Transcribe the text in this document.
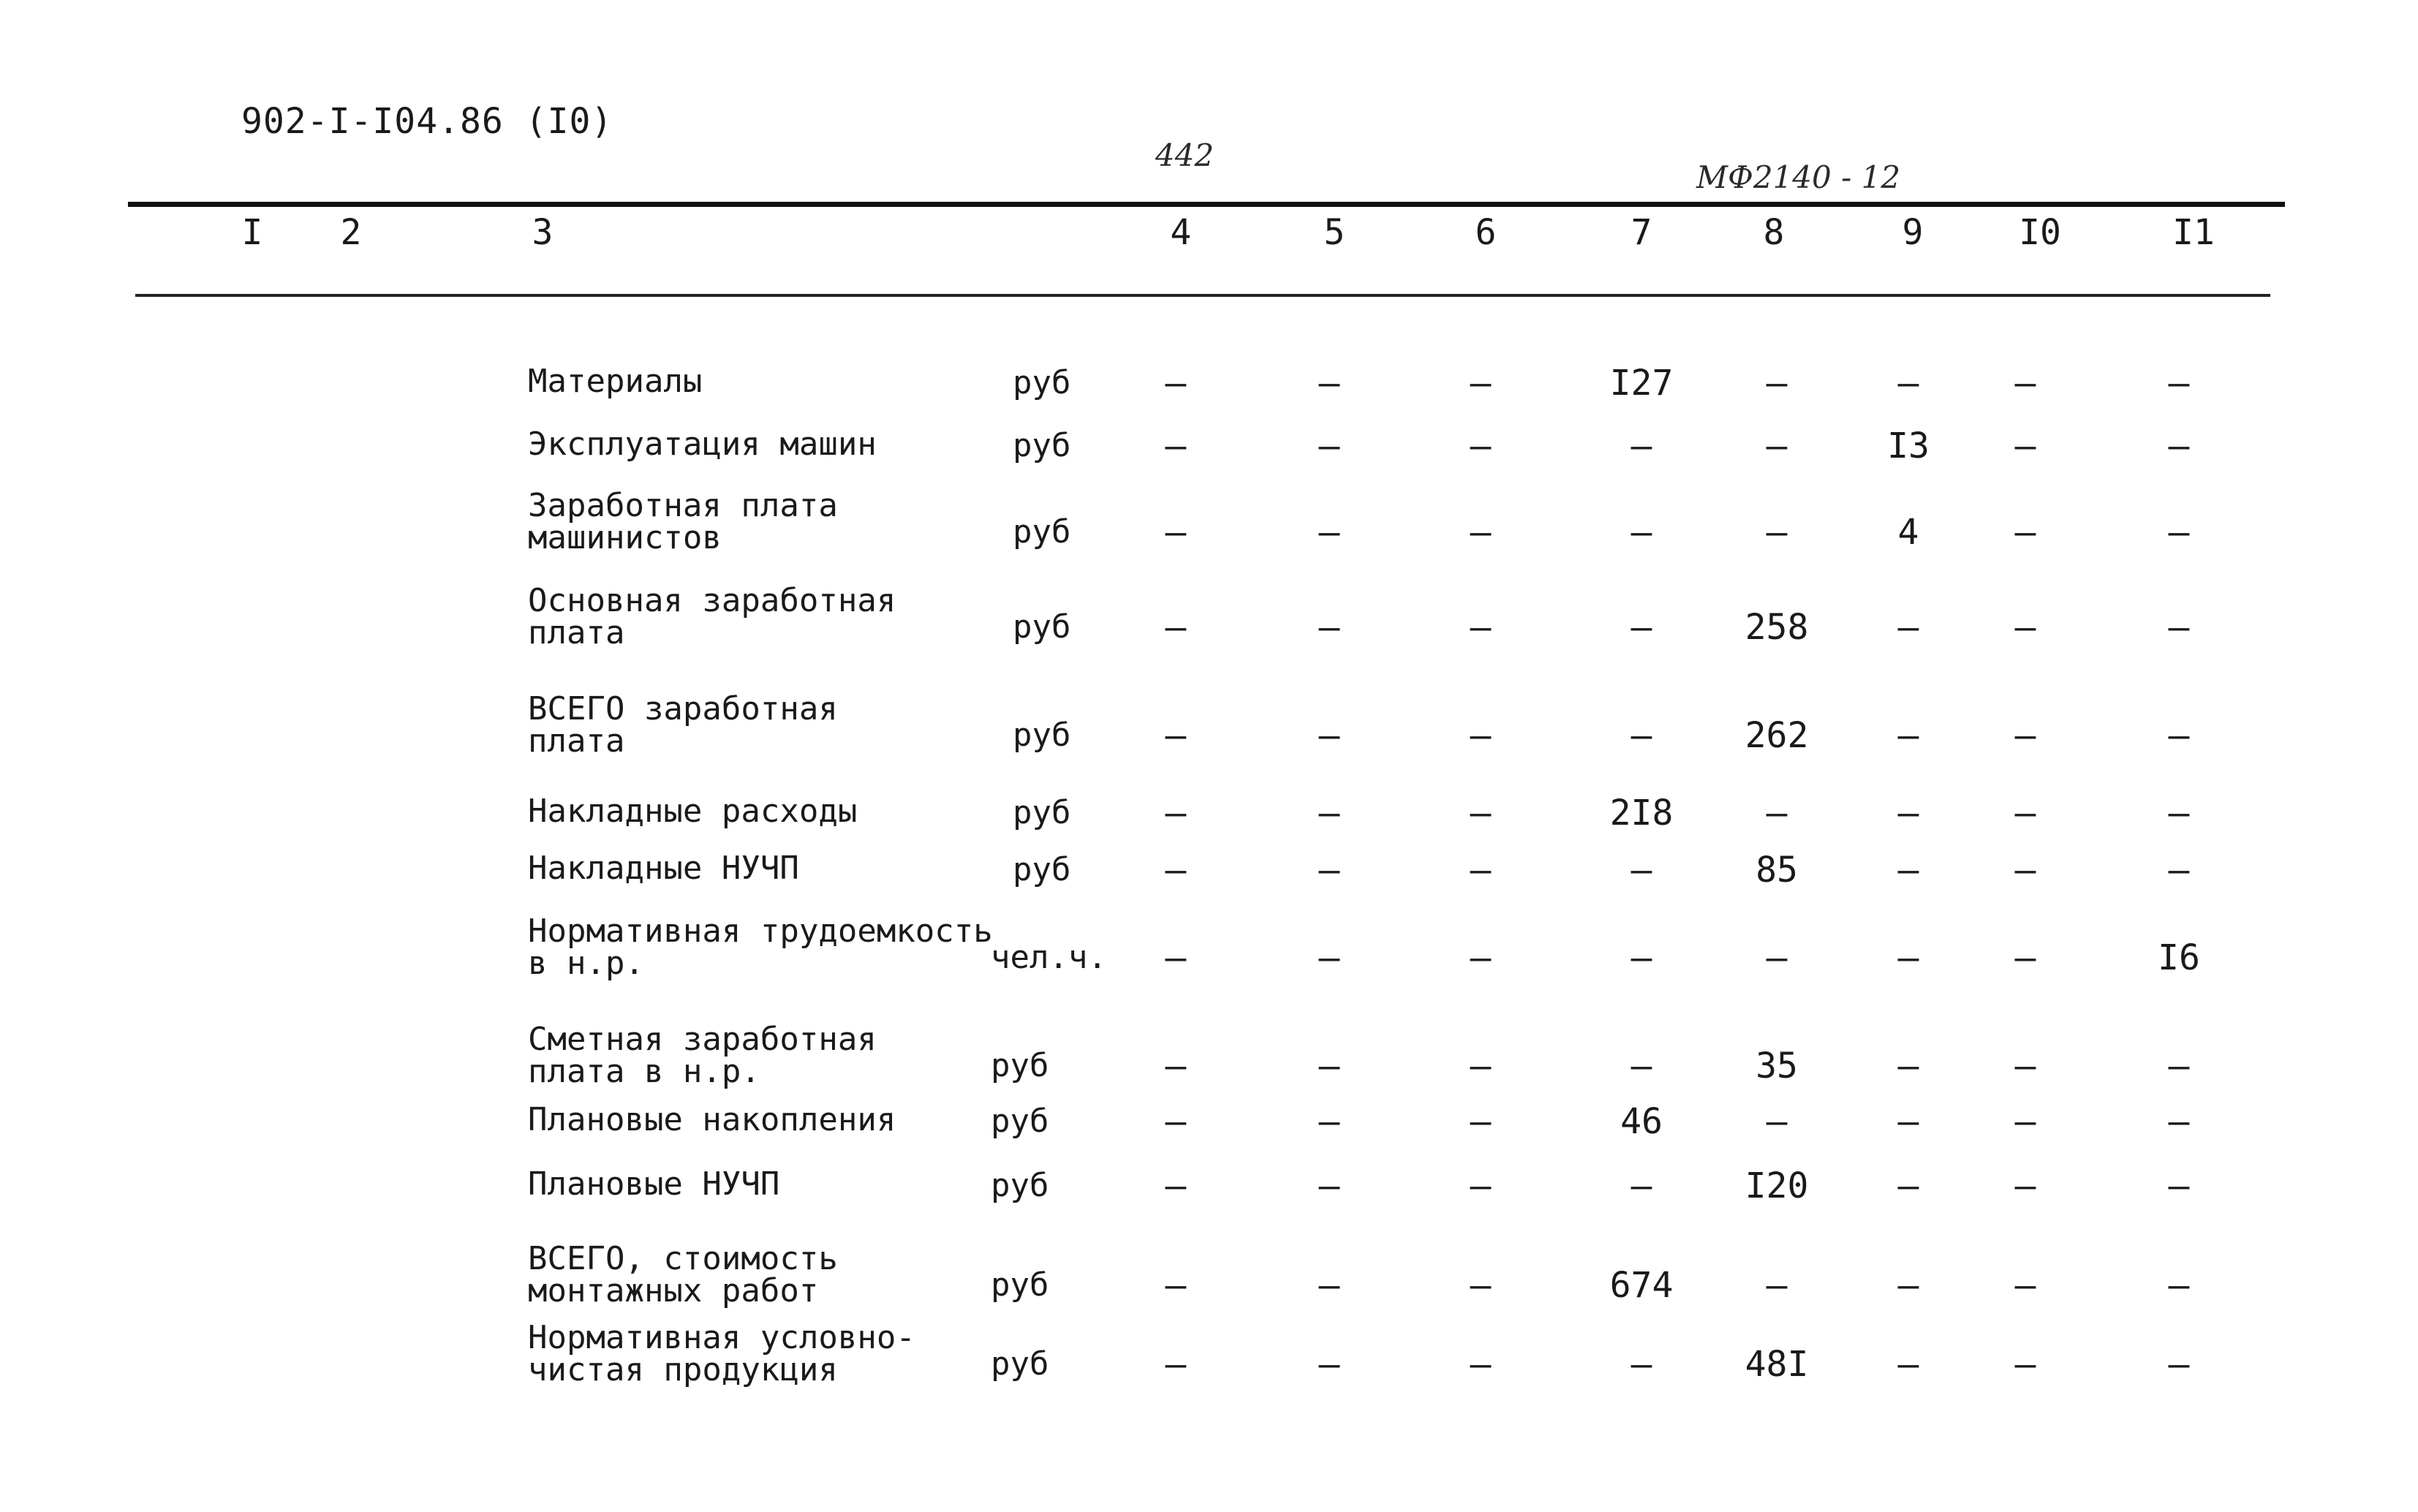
902-I-I04.86 (I0)
442
МФ2140 - 12
I	2	3	4	5	6	7	8	9	I0	I1
Материалы	руб	–	–	–	I27	–	–	–	–
Эксплуатация машин	руб	–	–	–	–	–	I3	–	–
Заработная плата
машинистов	руб	–	–	–	–	–	4	–	–
Основная заработная
плата	руб	–	–	–	–	258	–	–	–
ВСЕГО заработная
плата	руб	–	–	–	–	262	–	–	–
Накладные расходы	руб	–	–	–	2I8	–	–	–	–
Накладные НУЧП	руб	–	–	–	–	85	–	–	–
Нормативная трудоемкость
в н.р.	чел.ч.	–	–	–	–	–	–	–	I6
Сметная заработная
плата в н.р.	руб	–	–	–	–	35	–	–	–
Плановые накопления	руб	–	–	–	46	–	–	–	–
Плановые НУЧП	руб	–	–	–	–	I20	–	–	–
ВСЕГО, стоимость
монтажных работ	руб	–	–	–	674	–	–	–	–
Нормативная условно-
чистая продукция	руб	–	–	–	–	48I	–	–	–
